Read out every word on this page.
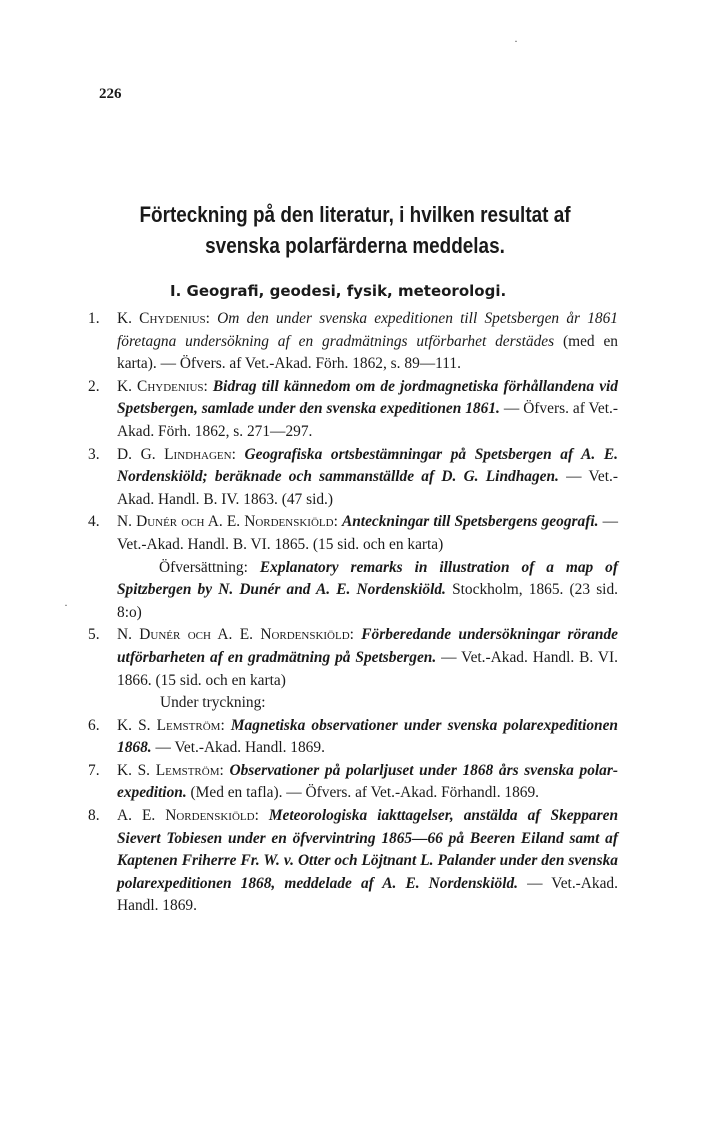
226
·
·
Förteckning på den literatur, i hvilken resultat af svenska polarfärderna meddelas.
I. Geografi, geodesi, fysik, meteorologi.
1. K. Chydenius: Om den under svenska expeditionen till Spetsbergen år 1861 företagna undersökning af en gradmätnings utförbarhet derstädes (med en karta). — Öfvers. af Vet.-Akad. Förh. 1862, s. 89—111.
2. K. Chydenius: Bidrag till kännedom om de jordmagnetiska förhållandena vid Spetsbergen, samlade under den svenska expeditionen 1861. — Öfvers. af Vet.-Akad. Förh. 1862, s. 271—297.
3. D. G. Lindhagen: Geografiska ortsbestämningar på Spetsbergen af A. E. Nordenskiöld; beräknade och sammanställde af D. G. Lindhagen. — Vet.-Akad. Handl. B. IV. 1863. (47 sid.)
4. N. Dunér och A. E. Nordenskiöld: Anteckningar till Spetsbergens geografi. — Vet.-Akad. Handl. B. VI. 1865. (15 sid. och en karta)
Öfversättning: Explanatory remarks in illustration of a map of Spitzbergen by N. Dunér and A. E. Nordenskiöld. Stockholm, 1865. (23 sid. 8:o)
5. N. Dunér och A. E. Nordenskiöld: Förberedande undersökningar rörande utförbarheten af en gradmätning på Spetsbergen. — Vet.-Akad. Handl. B. VI. 1866. (15 sid. och en karta)
Under tryckning:
6. K. S. Lemström: Magnetiska observationer under svenska polarexpeditionen 1868. — Vet.-Akad. Handl. 1869.
7. K. S. Lemström: Observationer på polarljuset under 1868 års svenska polar-expedition. (Med en tafla). — Öfvers. af Vet.-Akad. Förhandl. 1869.
8. A. E. Nordenskiöld: Meteorologiska iakttagelser, anstälda af Skepparen Sievert Tobiesen under en öfvervintring 1865—66 på Beeren Eiland samt af Kaptenen Friherre Fr. W. v. Otter och Löjtnant L. Palander under den svenska polarexpeditionen 1868, meddelade af A. E. Nordenskiöld. — Vet.-Akad. Handl. 1869.
